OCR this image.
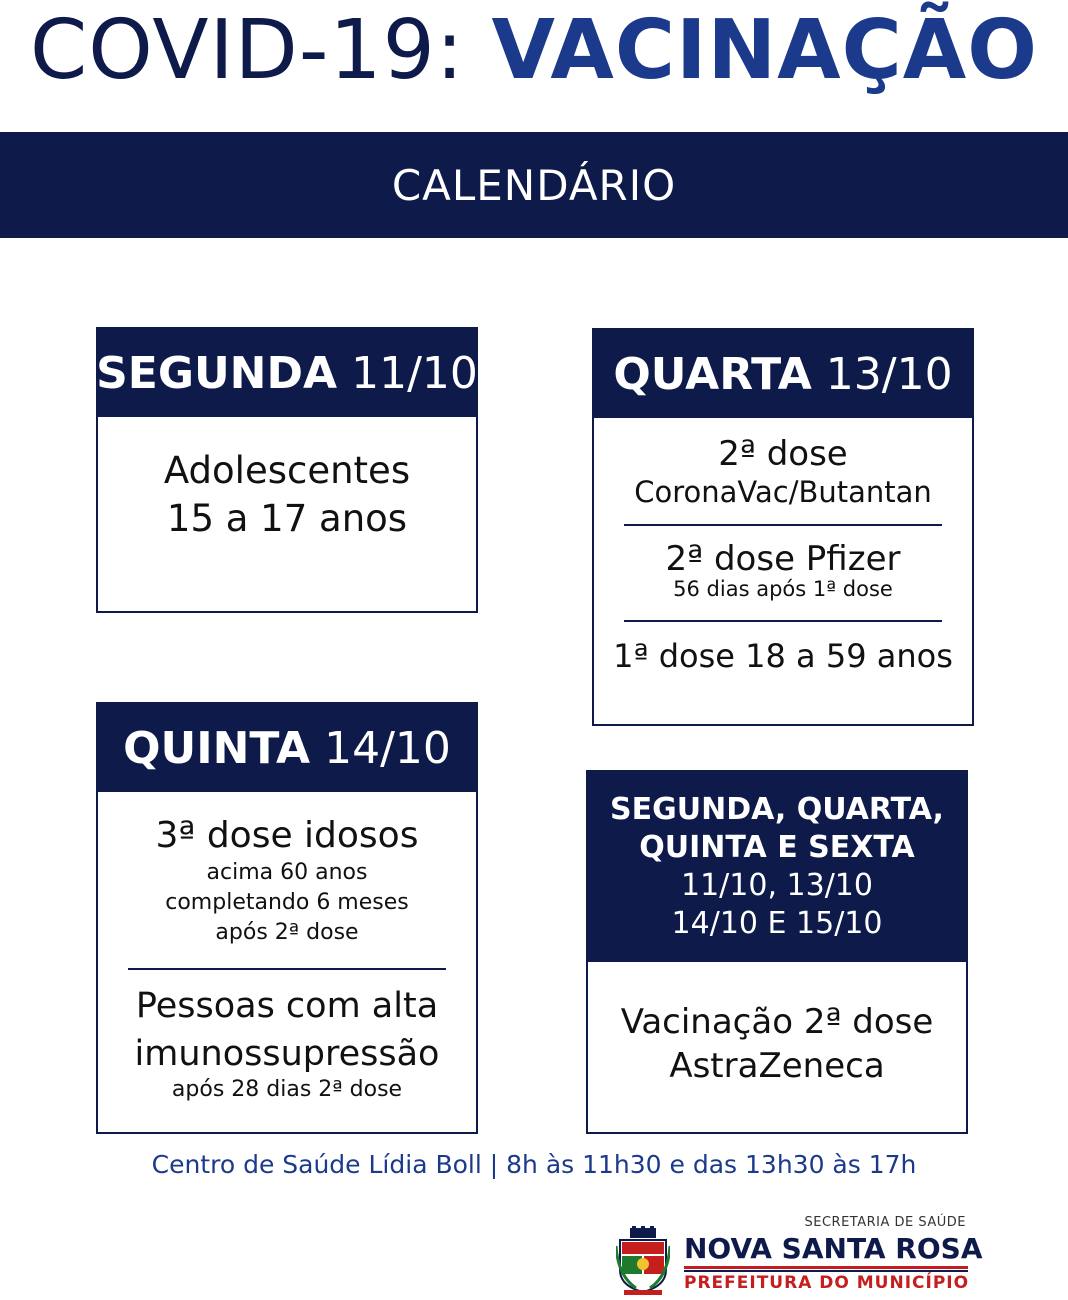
COVID-19: VACINAÇÃO
CALENDÁRIO
SEGUNDA 11/10
Adolescentes
15 a 17 anos
QUARTA 13/10
2ª dose
CoronaVac/Butantan
2ª dose Pfizer
56 dias após 1ª dose
1ª dose 18 a 59 anos
QUINTA 14/10
3ª dose idosos
acima 60 anos
completando 6 meses
após 2ª dose
Pessoas com alta
imunossupressão
após 28 dias 2ª dose
SEGUNDA, QUARTA,
QUINTA E SEXTA
11/10, 13/10
14/10 E 15/10
Vacinação 2ª dose
AstraZeneca
Centro de Saúde Lídia Boll | 8h às 11h30 e das 13h30 às 17h
SECRETARIA DE SAÚDE
NOVA SANTA ROSA
PREFEITURA DO MUNICÍPIO
